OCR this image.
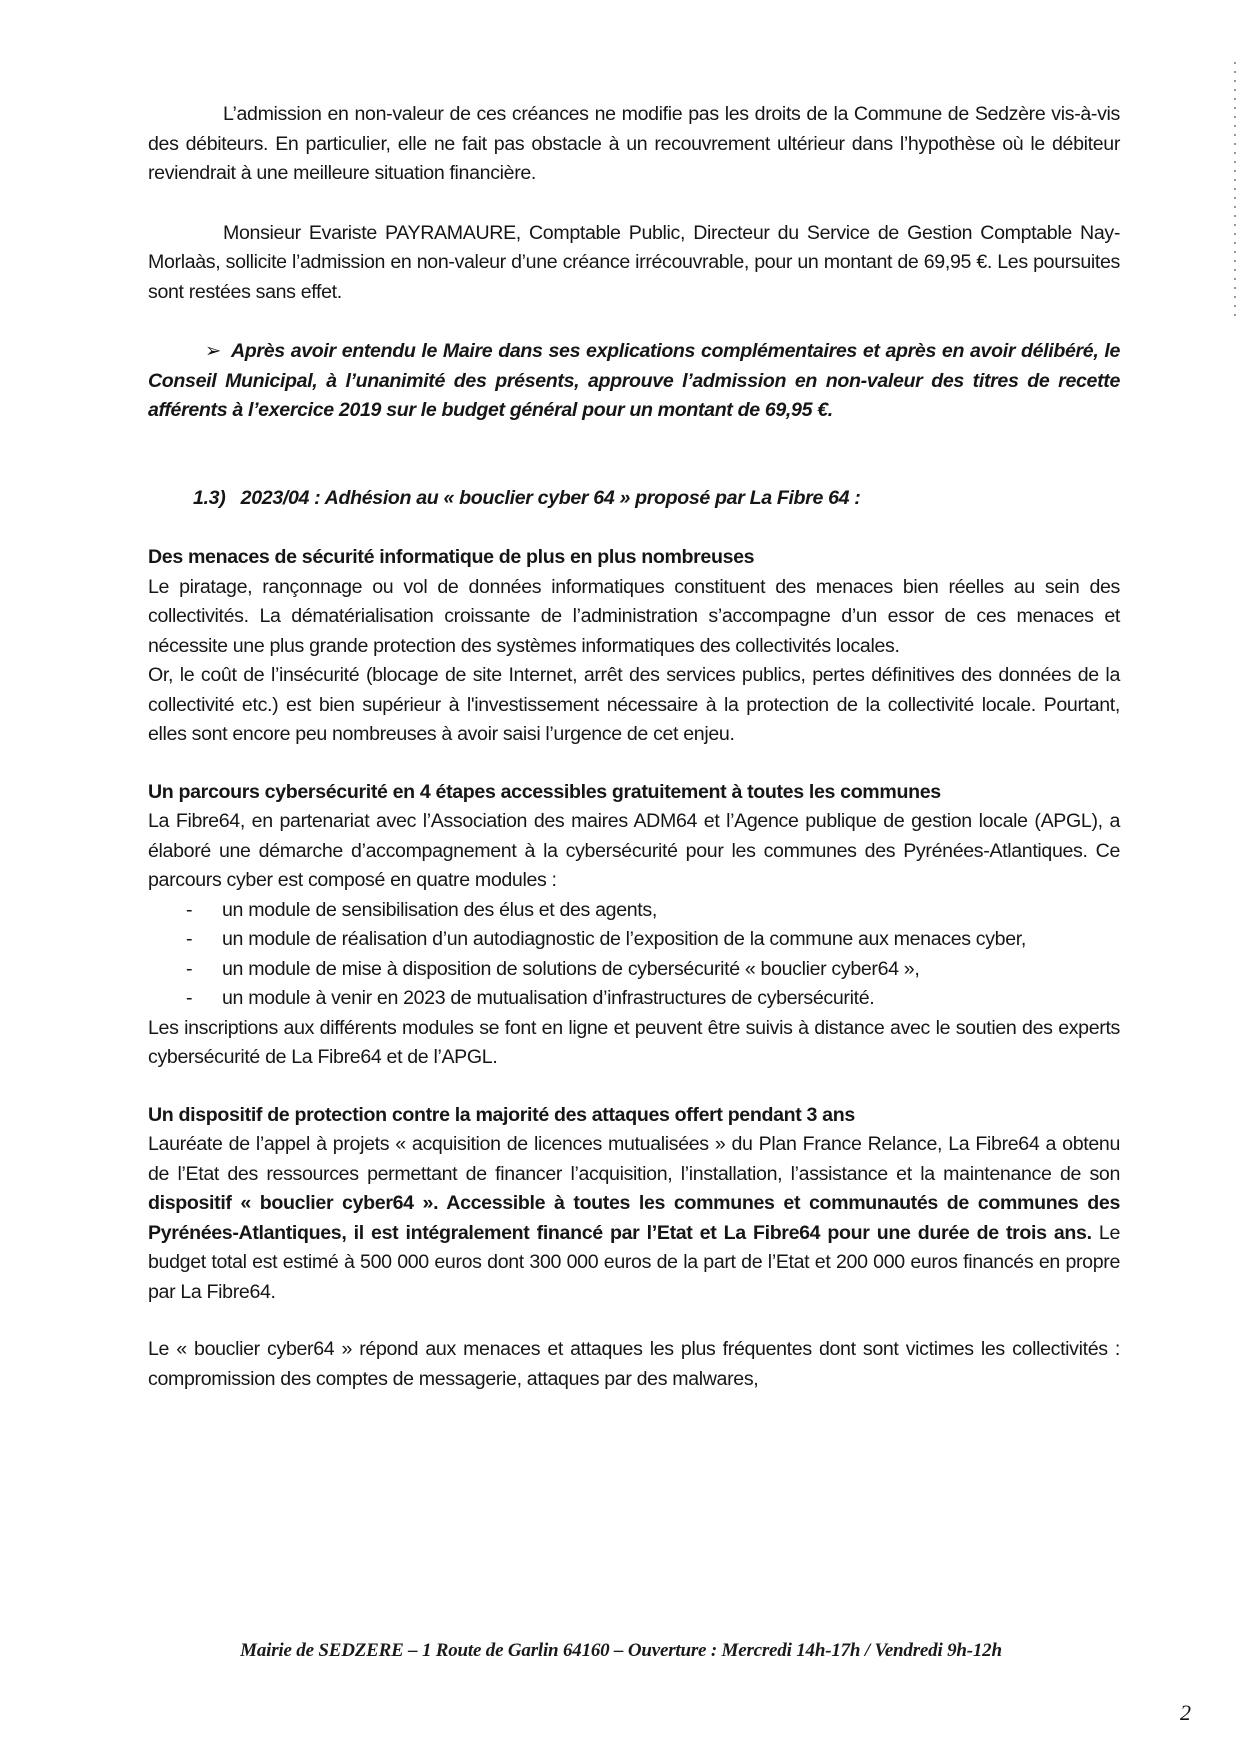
L’admission en non-valeur de ces créances ne modifie pas les droits de la Commune de Sedzère vis-à-vis des débiteurs. En particulier, elle ne fait pas obstacle à un recouvrement ultérieur dans l’hypothèse où le débiteur reviendrait à une meilleure situation financière.

Monsieur Evariste PAYRAMAURE, Comptable Public, Directeur du Service de Gestion Comptable Nay-Morlaàs, sollicite l’admission en non-valeur d’une créance irrécouvrable, pour un montant de 69,95 €. Les poursuites sont restées sans effet.

➢ Après avoir entendu le Maire dans ses explications complémentaires et après en avoir délibéré, le Conseil Municipal, à l’unanimité des présents, approuve l’admission en non-valeur des titres de recette afférents à l’exercice 2019 sur le budget général pour un montant de 69,95 €.

1.3) 2023/04 : Adhésion au « bouclier cyber 64 » proposé par La Fibre 64 :

Des menaces de sécurité informatique de plus en plus nombreuses

Le piratage, rançonnage ou vol de données informatiques constituent des menaces bien réelles au sein des collectivités. La dématérialisation croissante de l’administration s’accompagne d’un essor de ces menaces et nécessite une plus grande protection des systèmes informatiques des collectivités locales.

Or, le coût de l’insécurité (blocage de site Internet, arrêt des services publics, pertes définitives des données de la collectivité etc.) est bien supérieur à l'investissement nécessaire à la protection de la collectivité locale. Pourtant, elles sont encore peu nombreuses à avoir saisi l’urgence de cet enjeu.

Un parcours cybersécurité en 4 étapes accessibles gratuitement à toutes les communes

La Fibre64, en partenariat avec l’Association des maires ADM64 et l’Agence publique de gestion locale (APGL), a élaboré une démarche d’accompagnement à la cybersécurité pour les communes des Pyrénées-Atlantiques. Ce parcours cyber est composé en quatre modules :

- un module de sensibilisation des élus et des agents,
- un module de réalisation d’un autodiagnostic de l’exposition de la commune aux menaces cyber,
- un module de mise à disposition de solutions de cybersécurité « bouclier cyber64 »,
- un module à venir en 2023 de mutualisation d’infrastructures de cybersécurité.

Les inscriptions aux différents modules se font en ligne et peuvent être suivis à distance avec le soutien des experts cybersécurité de La Fibre64 et de l’APGL.

Un dispositif de protection contre la majorité des attaques offert pendant 3 ans

Lauréate de l’appel à projets « acquisition de licences mutualisées » du Plan France Relance, La Fibre64 a obtenu de l’Etat des ressources permettant de financer l’acquisition, l’installation, l’assistance et la maintenance de son dispositif « bouclier cyber64 ». Accessible à toutes les communes et communautés de communes des Pyrénées-Atlantiques, il est intégralement financé par l’Etat et La Fibre64 pour une durée de trois ans. Le budget total est estimé à 500 000 euros dont 300 000 euros de la part de l’Etat et 200 000 euros financés en propre par La Fibre64.

Le « bouclier cyber64 » répond aux menaces et attaques les plus fréquentes dont sont victimes les collectivités : compromission des comptes de messagerie, attaques par des malwares,

Mairie de SEDZERE – 1 Route de Garlin 64160 – Ouverture : Mercredi 14h-17h / Vendredi 9h-12h
2
